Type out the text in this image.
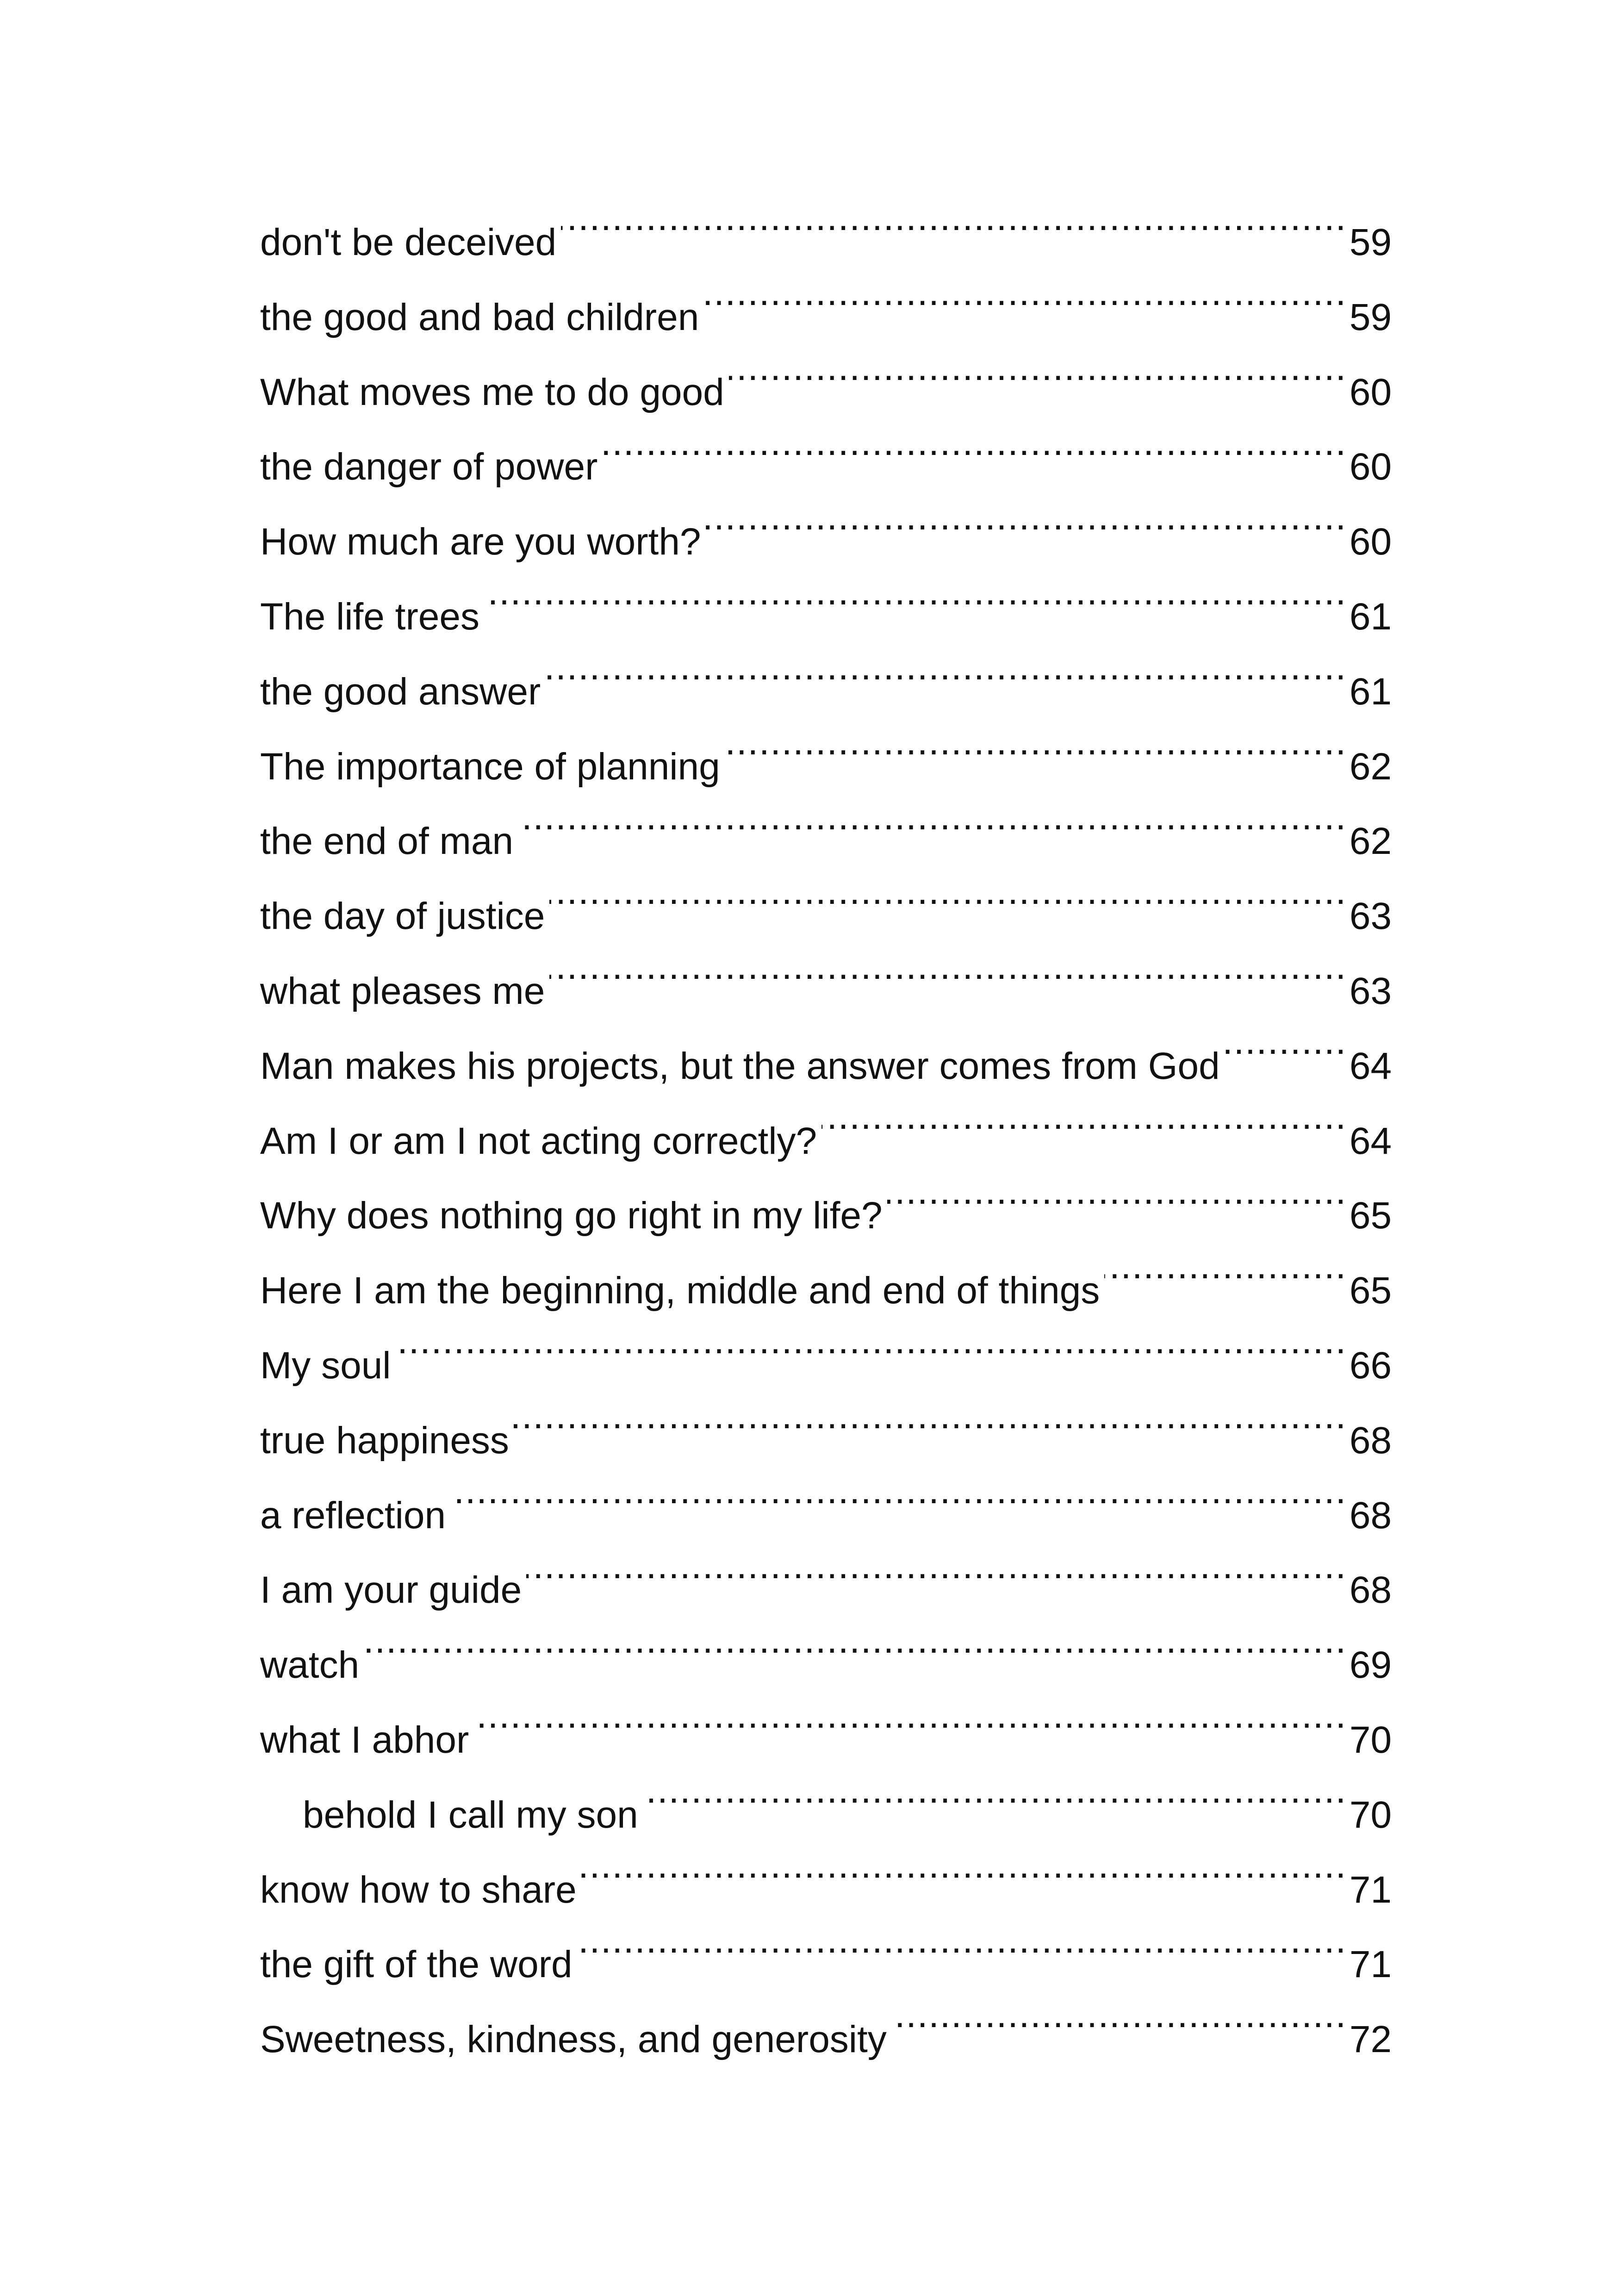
don't be deceived .....	59
the good and bad children .....	59
What moves me to do good .....	60
the danger of power .....	60
How much are you worth? .....	60
The life trees .....	61
the good answer .....	61
The importance of planning .....	62
the end of man .....	62
the day of justice .....	63
what pleases me .....	63
Man makes his projects, but the answer comes from God .....	64
Am I or am I not acting correctly? .....	64
Why does nothing go right in my life? .....	65
Here I am the beginning, middle and end of things .....	65
My soul .....	66
true happiness .....	68
a reflection .....	68
I am your guide .....	68
watch .....	69
what I abhor .....	70
behold I call my son .....	70
know how to share .....	71
the gift of the word .....	71
Sweetness, kindness, and generosity .....	72
